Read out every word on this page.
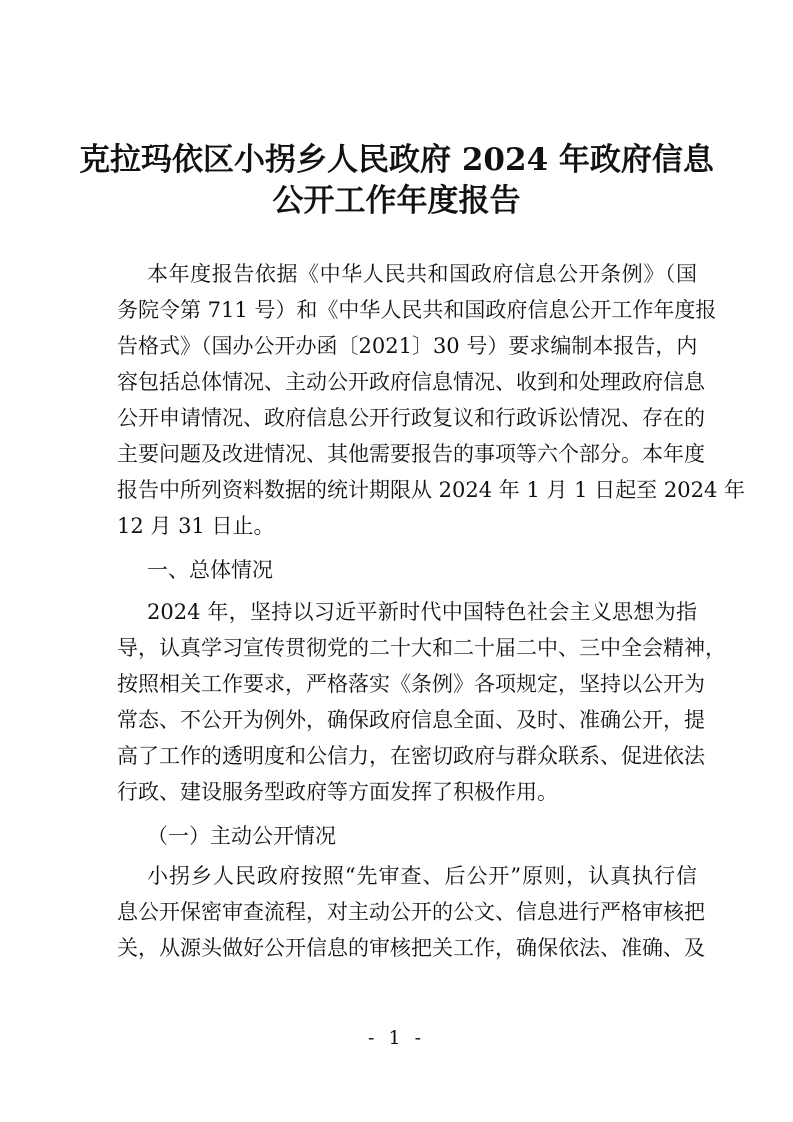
克拉玛依区小拐乡人民政府 2024 年政府信息
公开工作年度报告
本年度报告依据《中华人民共和国政府信息公开条例》（国
务院令第 711 号）和《中华人民共和国政府信息公开工作年度报
告格式》（国办公开办函〔2021〕30 号）要求编制本报告，内
容包括总体情况、主动公开政府信息情况、收到和处理政府信息
公开申请情况、政府信息公开行政复议和行政诉讼情况、存在的
主要问题及改进情况、其他需要报告的事项等六个部分。本年度
报告中所列资料数据的统计期限从 2024 年 1 月 1 日起至 2024 年
12 月 31 日止。
一、总体情况
2024 年，坚持以习近平新时代中国特色社会主义思想为指
导，认真学习宣传贯彻党的二十大和二十届二中、三中全会精神，
按照相关工作要求，严格落实《条例》各项规定，坚持以公开为
常态、不公开为例外，确保政府信息全面、及时、准确公开，提
高了工作的透明度和公信力，在密切政府与群众联系、促进依法
行政、建设服务型政府等方面发挥了积极作用。
（一）主动公开情况
小拐乡人民政府按照“先审查、后公开”原则，认真执行信
息公开保密审查流程，对主动公开的公文、信息进行严格审核把
关，从源头做好公开信息的审核把关工作，确保依法、准确、及
- 1 -
